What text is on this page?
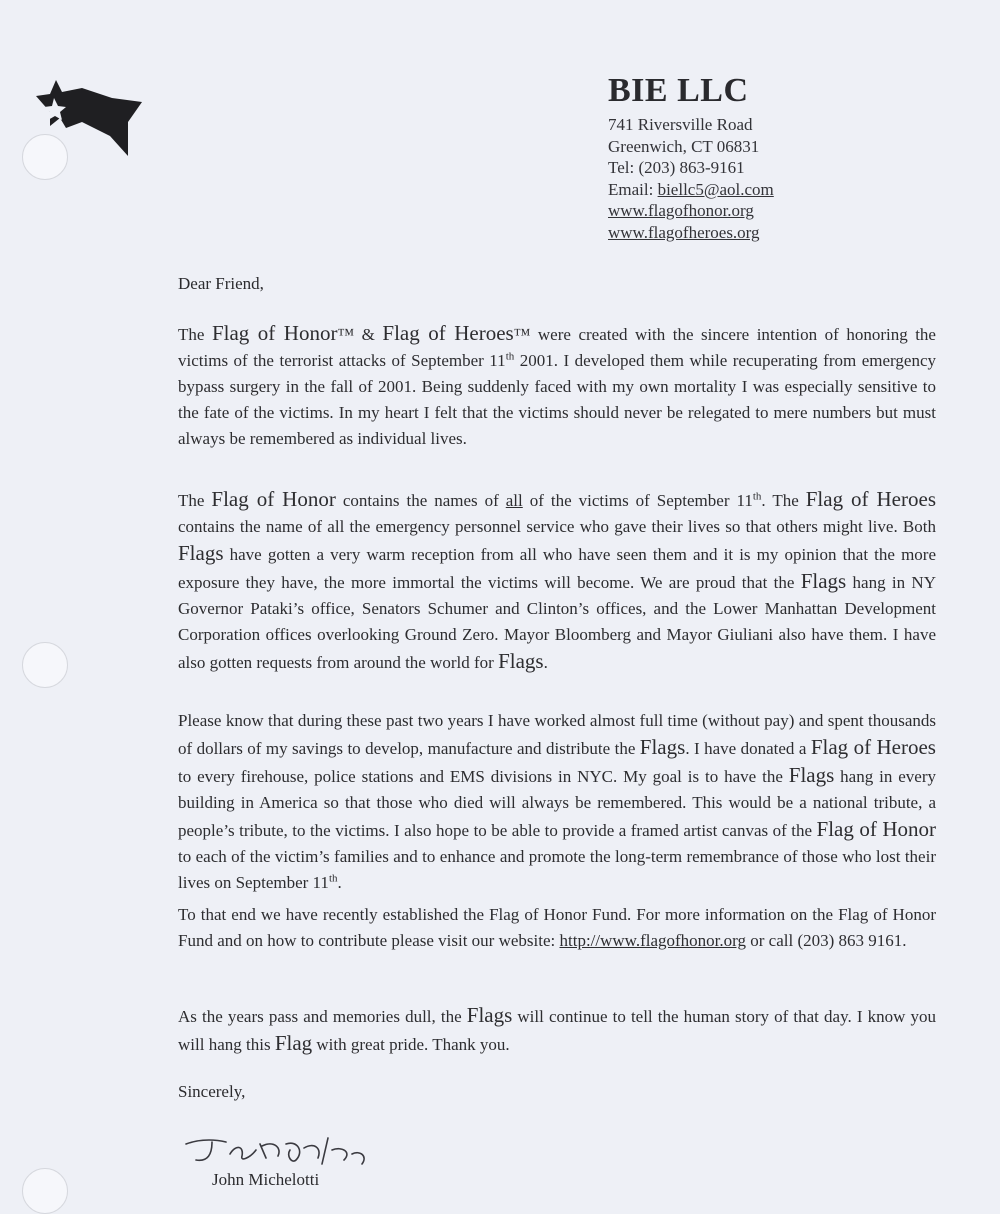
BIE LLC
741 Riversville Road
Greenwich, CT 06831
Tel: (203) 863-9161
Email: biellc5@aol.com
www.flagofhonor.org
www.flagofheroes.org
Dear Friend,
The Flag of Honor™ & Flag of Heroes™ were created with the sincere intention of honoring the victims of the terrorist attacks of September 11th 2001. I developed them while recuperating from emergency bypass surgery in the fall of 2001. Being suddenly faced with my own mortality I was especially sensitive to the fate of the victims. In my heart I felt that the victims should never be relegated to mere numbers but must always be remembered as individual lives.
The Flag of Honor contains the names of all of the victims of September 11th. The Flag of Heroes contains the name of all the emergency personnel service who gave their lives so that others might live. Both Flags have gotten a very warm reception from all who have seen them and it is my opinion that the more exposure they have, the more immortal the victims will become. We are proud that the Flags hang in NY Governor Pataki’s office, Senators Schumer and Clinton’s offices, and the Lower Manhattan Development Corporation offices overlooking Ground Zero. Mayor Bloomberg and Mayor Giuliani also have them. I have also gotten requests from around the world for Flags.
Please know that during these past two years I have worked almost full time (without pay) and spent thousands of dollars of my savings to develop, manufacture and distribute the Flags. I have donated a Flag of Heroes to every firehouse, police stations and EMS divisions in NYC. My goal is to have the Flags hang in every building in America so that those who died will always be remembered. This would be a national tribute, a people’s tribute, to the victims. I also hope to be able to provide a framed artist canvas of the Flag of Honor to each of the victim’s families and to enhance and promote the long-term remembrance of those who lost their lives on September 11th.
To that end we have recently established the Flag of Honor Fund. For more information on the Flag of Honor Fund and on how to contribute please visit our website: http://www.flagofhonor.org or call (203) 863 9161.
As the years pass and memories dull, the Flags will continue to tell the human story of that day. I know you will hang this Flag with great pride. Thank you.
Sincerely,
John Michelotti
